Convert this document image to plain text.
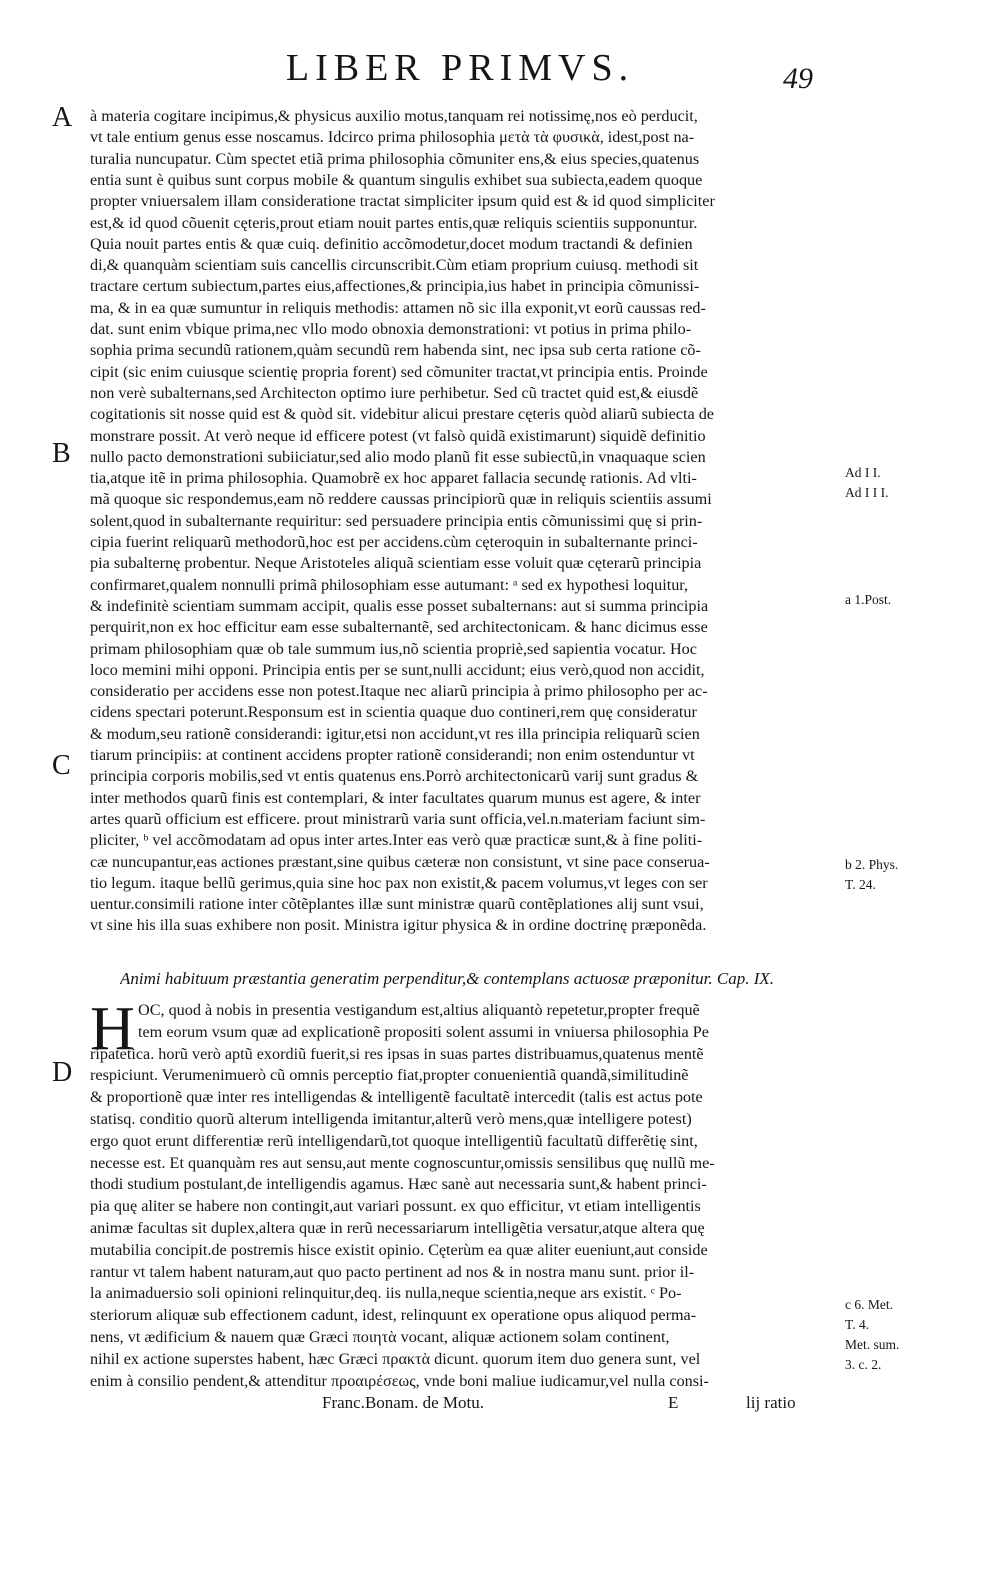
LIBER PRIMVS.	49
A
B
C
D
à materia cogitare incipimus,& physicus auxilio motus,tanquam rei notissimę,nos eò perducit,
vt tale entium genus esse noscamus. Idcirco prima philosophia μετὰ τὰ φυσικὰ, idest,post na-
turalia nuncupatur. Cùm spectet etiã prima philosophia cõmuniter ens,& eius species,quatenus
entia sunt è quibus sunt corpus mobile & quantum singulis exhibet sua subiecta,eadem quoque
propter vniuersalem illam consideratione tractat simpliciter ipsum quid est & id quod simpliciter
est,& id quod cõuenit cęteris,prout etiam nouit partes entis,quæ reliquis scientiis supponuntur.
Quia nouit partes entis & quæ cuiq. definitio accõmodetur,docet modum tractandi & definien
di,& quanquàm scientiam suis cancellis circunscribit.Cùm etiam proprium cuiusq. methodi sit
tractare certum subiectum,partes eius,affectiones,& principia,ius habet in principia cõmunissi-
ma, & in ea quæ sumuntur in reliquis methodis: attamen nõ sic illa exponit,vt eorũ caussas red-
dat. sunt enim vbique prima,nec vllo modo obnoxia demonstrationi: vt potius in prima philo-
sophia prima secundũ rationem,quàm secundũ rem habenda sint, nec ipsa sub certa ratione cõ-
cipit (sic enim cuiusque scientię propria forent) sed cõmuniter tractat,vt principia entis. Proinde
non verè subalternans,sed Architecton optimo iure perhibetur. Sed cũ tractet quid est,& eiusdẽ
cogitationis sit nosse quid est & quòd sit. videbitur alicui prestare cęteris quòd aliarũ subiecta de
monstrare possit. At verò neque id efficere potest (vt falsò quidã existimarunt) siquidẽ definitio
nullo pacto demonstrationi subiiciatur,sed alio modo planũ fit esse subiectũ,in vnaquaque scien
tia,atque itẽ in prima philosophia. Quamobrẽ ex hoc apparet fallacia secundę rationis. Ad vlti-
mã quoque sic respondemus,eam nõ reddere caussas principiorũ quæ in reliquis scientiis assumi
solent,quod in subalternante requiritur: sed persuadere principia entis cõmunissimi quę si prin-
cipia fuerint reliquarũ methodorũ,hoc est per accidens.cùm cęteroquin in subalternante princi-
pia subalternę probentur. Neque Aristoteles aliquã scientiam esse voluit quæ cęterarũ principia
confirmaret,qualem nonnulli primã philosophiam esse autumant: ᵃ sed ex hypothesi loquitur,
& indefinitè scientiam summam accipit, qualis esse posset subalternans: aut si summa principia
perquirit,non ex hoc efficitur eam esse subalternantẽ, sed architectonicam. & hanc dicimus esse
primam philosophiam quæ ob tale summum ius,nõ scientia propriè,sed sapientia vocatur. Hoc
loco memini mihi opponi. Principia entis per se sunt,nulli accidunt; eius verò,quod non accidit,
consideratio per accidens esse non potest.Itaque nec aliarũ principia à primo philosopho per ac-
cidens spectari poterunt.Responsum est in scientia quaque duo contineri,rem quę consideratur
& modum,seu rationẽ considerandi: igitur,etsi non accidunt,vt res illa principia reliquarũ scien
tiarum principiis: at continent accidens propter rationẽ considerandi; non enim ostenduntur vt
principia corporis mobilis,sed vt entis quatenus ens.Porrò architectonicarũ varij sunt gradus &
inter methodos quarũ finis est contemplari, & inter facultates quarum munus est agere, & inter
artes quarũ officium est efficere. prout ministrarũ varia sunt officia,vel.n.materiam faciunt sim-
pliciter, ᵇ vel accõmodatam ad opus inter artes.Inter eas verò quæ practicæ sunt,& à fine politi-
cæ nuncupantur,eas actiones præstant,sine quibus cæteræ non consistunt, vt sine pace conserua-
tio legum. itaque bellũ gerimus,quia sine hoc pax non existit,& pacem volumus,vt leges con ser
uentur.consimili ratione inter cõtẽplantes illæ sunt ministræ quarũ contẽplationes alij sunt vsui,
vt sine his illa suas exhibere non posit. Ministra igitur physica & in ordine doctrinę præponẽda.
Animi habituum præstantia generatim perpenditur,& contemplans actuosæ præponitur. Cap. IX.
H OC, quod à nobis in presentia vestigandum est,altius aliquantò repetetur,propter frequẽ
tem eorum vsum quæ ad explicationẽ propositi solent assumi in vniuersa philosophia Pe
ripatetica. horũ verò aptũ exordiũ fuerit,si res ipsas in suas partes distribuamus,quatenus mentẽ
respiciunt. Verumenimuerò cũ omnis perceptio fiat,propter conuenientiã quandã,similitudinẽ
& proportionẽ quæ inter res intelligendas & intelligentẽ facultatẽ intercedit (talis est actus pote
statisq. conditio quorũ alterum intelligenda imitantur,alterũ verò mens,quæ intelligere potest)
ergo quot erunt differentiæ rerũ intelligendarũ,tot quoque intelligentiũ facultatũ differẽtię sint,
necesse est. Et quanquàm res aut sensu,aut mente cognoscuntur,omissis sensilibus quę nullũ me-
thodi studium postulant,de intelligendis agamus. Hæc sanè aut necessaria sunt,& habent princi-
pia quę aliter se habere non contingit,aut variari possunt. ex quo efficitur, vt etiam intelligentis
animæ facultas sit duplex,altera quæ in rerũ necessariarum intelligẽtia versatur,atque altera quę
mutabilia concipit.de postremis hisce existit opinio. Cęterùm ea quæ aliter eueniunt,aut conside
rantur vt talem habent naturam,aut quo pacto pertinent ad nos & in nostra manu sunt. prior il-
la animaduersio soli opinioni relinquitur,deq. iis nulla,neque scientia,neque ars existit. ᶜ Po-
steriorum aliquæ sub effectionem cadunt, idest, relinquunt ex operatione opus aliquod perma-
nens, vt ædificium & nauem quæ Græci ποιητὰ vocant, aliquæ actionem solam continent,
nihil ex actione superstes habent, hæc Græci πρακτὰ dicunt. quorum item duo genera sunt, vel
enim à consilio pendent,& attenditur προαιρέσεως, vnde boni maliue iudicamur,vel nulla consi-
Ad I I.
Ad I I I.
a 1.Post.
b 2. Phys.
T. 24.
c 6. Met.
T. 4.
Met. sum.
3. c. 2.
Franc.Bonam. de Motu.	E	lij ratio
